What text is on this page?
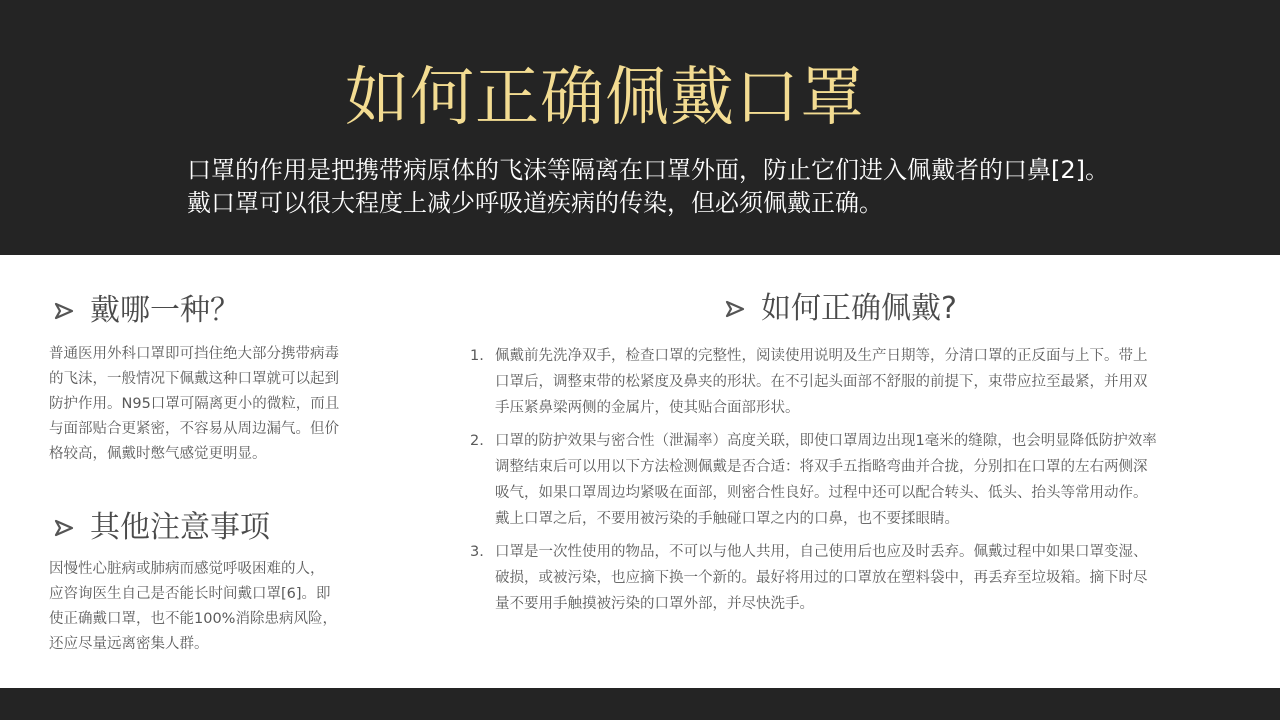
如何正确佩戴口罩
口罩的作用是把携带病原体的飞沫等隔离在口罩外面，防止它们进入佩戴者的口鼻[2]。
戴口罩可以很大程度上减少呼吸道疾病的传染，但必须佩戴正确。
戴哪一种？
普通医用外科口罩即可挡住绝大部分携带病毒
的飞沫，一般情况下佩戴这种口罩就可以起到
防护作用。N95口罩可隔离更小的微粒，而且
与面部贴合更紧密，不容易从周边漏气。但价
格较高，佩戴时憋气感觉更明显。
其他注意事项
因慢性心脏病或肺病而感觉呼吸困难的人，
应咨询医生自己是否能长时间戴口罩[6]。即
使正确戴口罩，也不能100%消除患病风险，
还应尽量远离密集人群。
如何正确佩戴?
1. 佩戴前先洗净双手，检查口罩的完整性，阅读使用说明及生产日期等，分清口罩的正反面与上下。带上
口罩后，调整束带的松紧度及鼻夹的形状。在不引起头面部不舒服的前提下，束带应拉至最紧，并用双
手压紧鼻梁两侧的金属片，使其贴合面部形状。
2. 口罩的防护效果与密合性（泄漏率）高度关联，即使口罩周边出现1毫米的缝隙，也会明显降低防护效率
调整结束后可以用以下方法检测佩戴是否合适：将双手五指略弯曲并合拢，分别扣在口罩的左右两侧深
吸气，如果口罩周边均紧吸在面部，则密合性良好。过程中还可以配合转头、低头、抬头等常用动作。
戴上口罩之后，不要用被污染的手触碰口罩之内的口鼻，也不要揉眼睛。
3. 口罩是一次性使用的物品，不可以与他人共用，自己使用后也应及时丢弃。佩戴过程中如果口罩变湿、
破损，或被污染，也应摘下换一个新的。最好将用过的口罩放在塑料袋中，再丢弃至垃圾箱。摘下时尽
量不要用手触摸被污染的口罩外部，并尽快洗手。
